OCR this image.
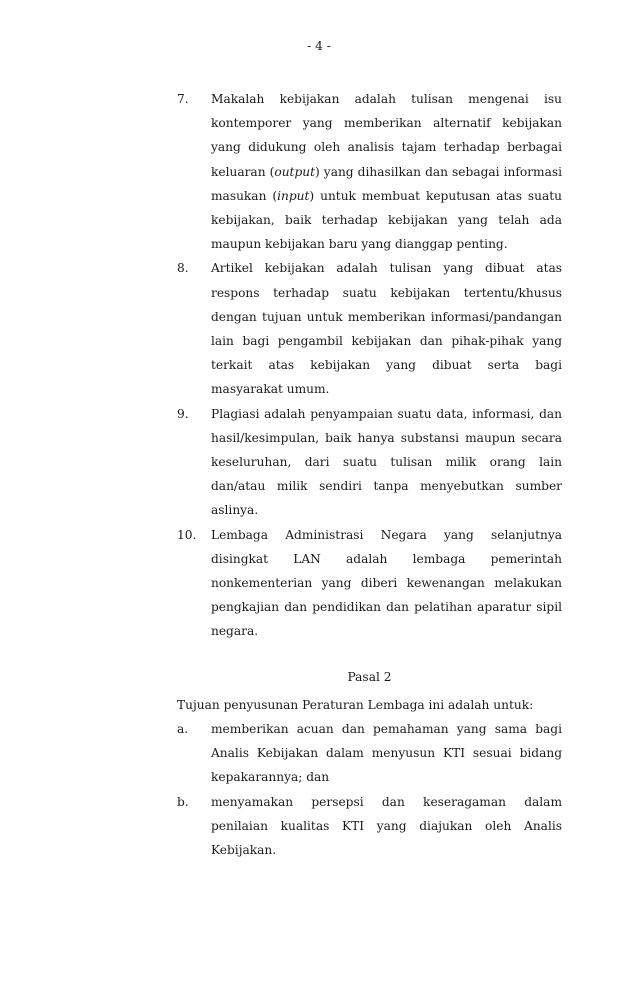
- 4 -
7.	Makalah kebijakan adalah tulisan mengenai isu kontemporer yang memberikan alternatif kebijakan yang didukung oleh analisis tajam terhadap berbagai keluaran (output) yang dihasilkan dan sebagai informasi masukan (input) untuk membuat keputusan atas suatu kebijakan, baik terhadap kebijakan yang telah ada maupun kebijakan baru yang dianggap penting.
8.	Artikel kebijakan adalah tulisan yang dibuat atas respons terhadap suatu kebijakan tertentu/khusus dengan tujuan untuk memberikan informasi/pandangan lain bagi pengambil kebijakan dan pihak-pihak yang terkait atas kebijakan yang dibuat serta bagi masyarakat umum.
9.	Plagiasi adalah penyampaian suatu data, informasi, dan hasil/kesimpulan, baik hanya substansi maupun secara keseluruhan, dari suatu tulisan milik orang lain dan/atau milik sendiri tanpa menyebutkan sumber aslinya.
10.	Lembaga Administrasi Negara yang selanjutnya disingkat LAN adalah lembaga pemerintah nonkementerian yang diberi kewenangan melakukan pengkajian dan pendidikan dan pelatihan aparatur sipil negara.
Pasal 2
Tujuan penyusunan Peraturan Lembaga ini adalah untuk:
a.	memberikan acuan dan pemahaman yang sama bagi Analis Kebijakan dalam menyusun KTI sesuai bidang kepakarannya; dan
b.	menyamakan persepsi dan keseragaman dalam penilaian kualitas KTI yang diajukan oleh Analis Kebijakan.
